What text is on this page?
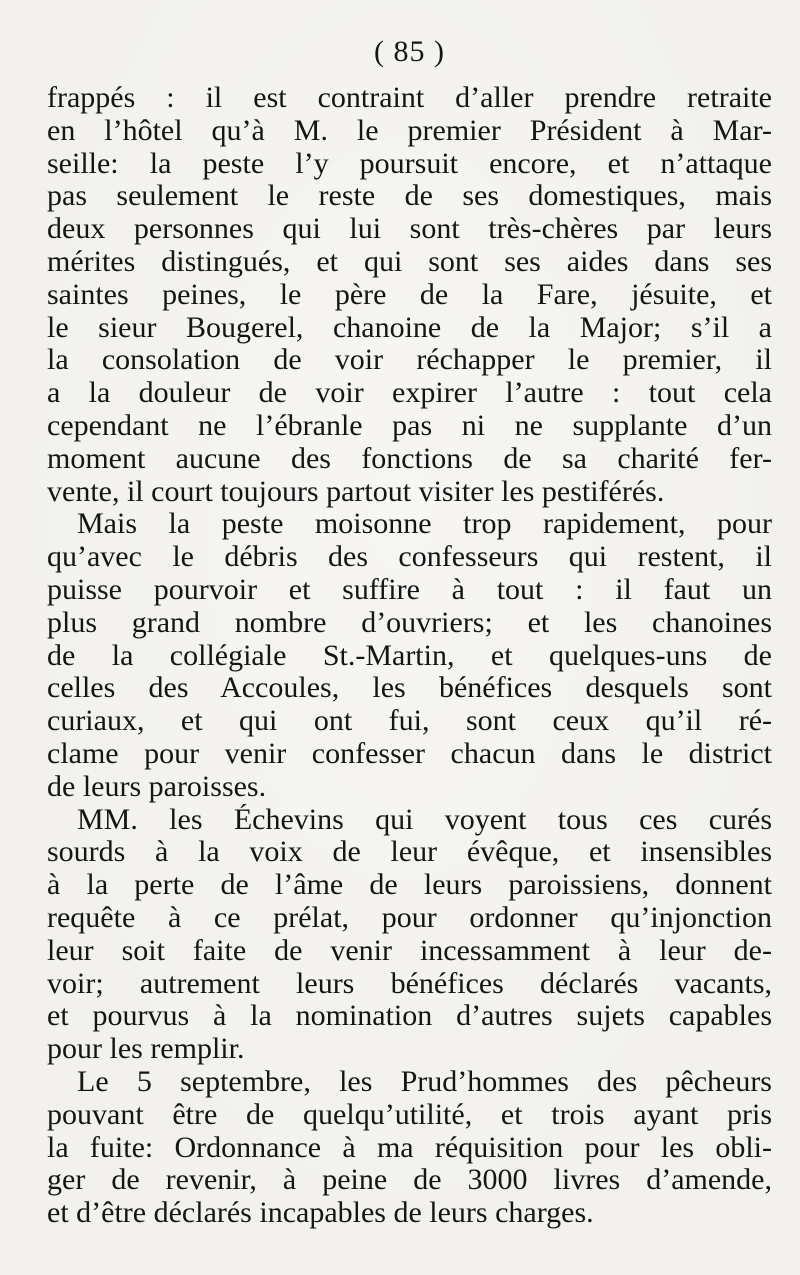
( 85 )
frappés : il est contraint d’aller prendre retraite
en l’hôtel qu’à M. le premier Président à Mar-
seille: la peste l’y poursuit encore, et n’attaque
pas seulement le reste de ses domestiques, mais
deux personnes qui lui sont très-chères par leurs
mérites distingués, et qui sont ses aides dans ses
saintes peines, le père de la Fare, jésuite, et
le sieur Bougerel, chanoine de la Major; s’il a
la consolation de voir réchapper le premier, il
a la douleur de voir expirer l’autre : tout cela
cependant ne l’ébranle pas ni ne supplante d’un
moment aucune des fonctions de sa charité fer-
vente, il court toujours partout visiter les pestiférés.
Mais la peste moisonne trop rapidement, pour
qu’avec le débris des confesseurs qui restent, il
puisse pourvoir et suffire à tout : il faut un
plus grand nombre d’ouvriers; et les chanoines
de la collégiale St.-Martin, et quelques-uns de
celles des Accoules, les bénéfices desquels sont
curiaux, et qui ont fui, sont ceux qu’il ré-
clame pour venir confesser chacun dans le district
de leurs paroisses.
MM. les Échevins qui voyent tous ces curés
sourds à la voix de leur évêque, et insensibles
à la perte de l’âme de leurs paroissiens, donnent
requête à ce prélat, pour ordonner qu’injonction
leur soit faite de venir incessamment à leur de-
voir; autrement leurs bénéfices déclarés vacants,
et pourvus à la nomination d’autres sujets capables
pour les remplir.
Le 5 septembre, les Prud’hommes des pêcheurs
pouvant être de quelqu’utilité, et trois ayant pris
la fuite: Ordonnance à ma réquisition pour les obli-
ger de revenir, à peine de 3000 livres d’amende,
et d’être déclarés incapables de leurs charges.
